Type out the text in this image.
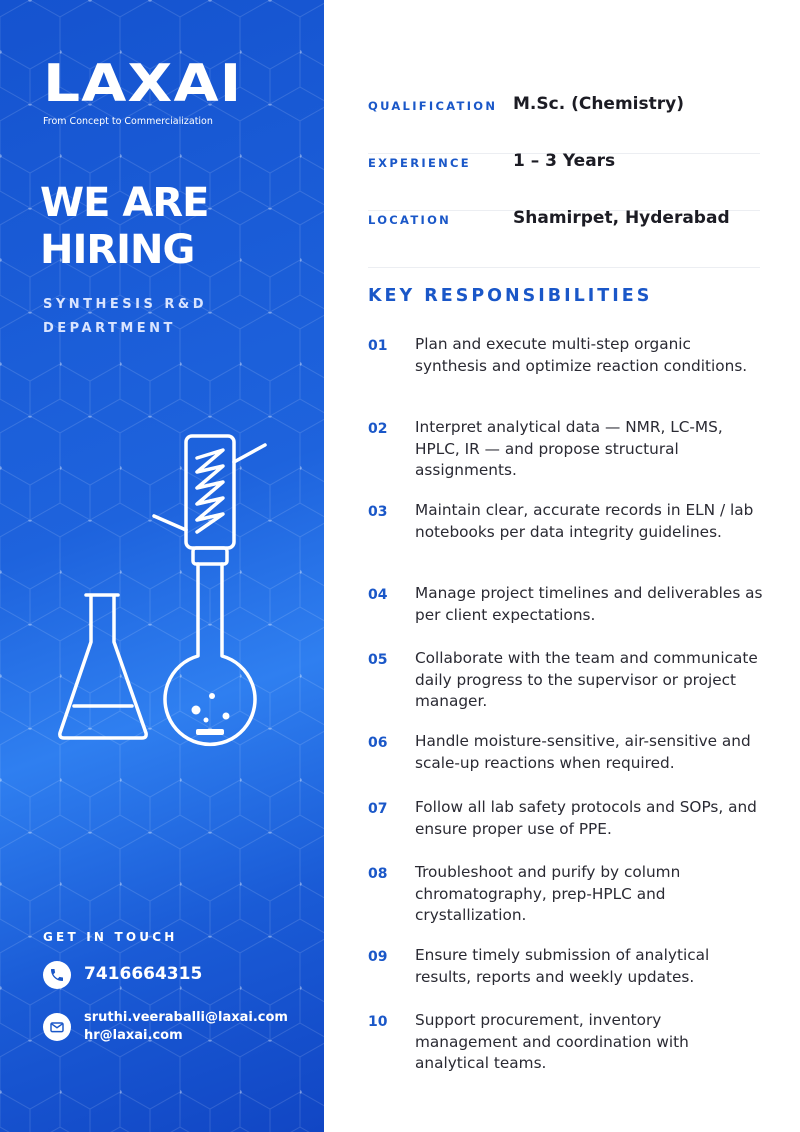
LAXAI
From Concept to Commercialization
WE ARE
HIRING
SYNTHESIS R&D
DEPARTMENT
GET IN TOUCH
7416664315
sruthi.veeraballi@laxai.com
hr@laxai.com
QUALIFICATION M.Sc. (Chemistry)
EXPERIENCE 1 – 3 Years
LOCATION	Shamirpet, Hyderabad
KEY RESPONSIBILITIES
01 Plan and execute multi-step organic synthesis and optimize reaction conditions.
02 Interpret analytical data — NMR, LC-MS, HPLC, IR — and propose structural assignments.
03 Maintain clear, accurate records in ELN / lab notebooks per data integrity guidelines.
04 Manage project timelines and deliverables as per client expectations.
05 Collaborate with the team and communicate daily progress to the supervisor or project manager.
06 Handle moisture-sensitive, air-sensitive and scale-up reactions when required.
07 Follow all lab safety protocols and SOPs, and ensure proper use of PPE.
08 Troubleshoot and purify by column chromatography, prep-HPLC and crystallization.
09 Ensure timely submission of analytical results, reports and weekly updates.
10 Support procurement, inventory management and coordination with analytical teams.
